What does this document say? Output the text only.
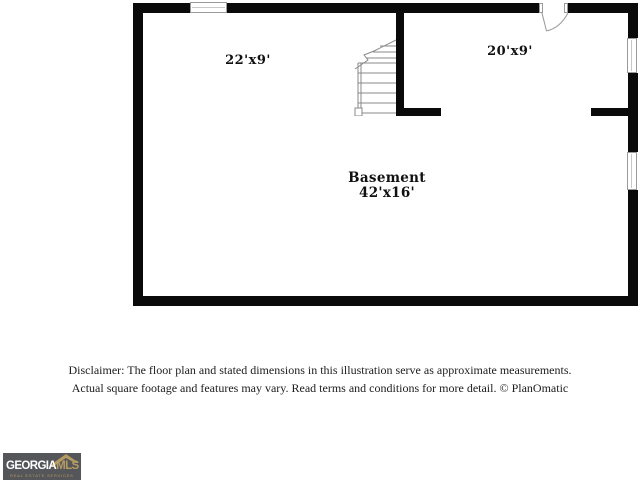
22'x9'
20'x9'
Basement
42'x16'
Disclaimer: The floor plan and stated dimensions in this illustration serve as approximate measurements.
Actual square footage and features may vary. Read terms and conditions for more detail. © PlanOmatic
GEORGIAMLS
REAL ESTATE SERVICES
